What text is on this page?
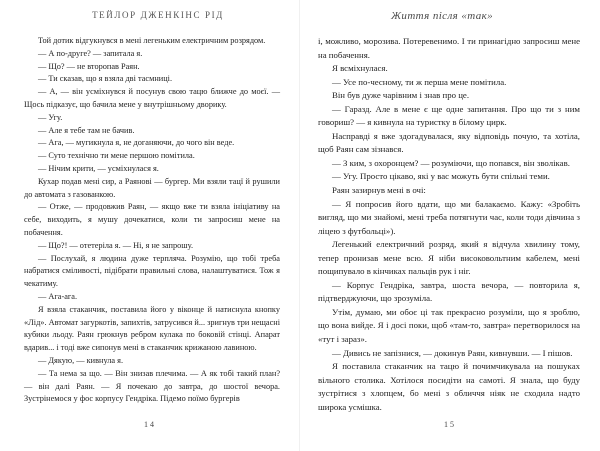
ТЕЙЛОР ДЖЕНКІНС РІД

Той дотик відгукнувся в мені легеньким електричним розрядом.

— А по-друге? — запитала я.

— Що? — не второпав Раян.

— Ти сказав, що я взяла дві тасмниці.

— А, — він усміхнувся й посунув свою тацю ближче до моєї. — Щось підказує, що бачила мене у внутрішньому дворику.

— Угу.

— Але я тебе там не бачив.

— Ага, — мугикнула я, не доганяючи, до чого він веде.

— Суто технічно ти мене першою помітила.

— Нічим крити, — усміхнулася я.

Кухар подав мені сир, а Раянові — бургер. Ми взяли тацї й рушили до автомата з газованкою.

— Отже, — продовжив Раян, — якщо вже ти взяла ініціативу на себе, виходить, я мушу дочекатися, коли ти запросиш мене на побачення.

— Що?! — отетеріла я. — Ні, я не запрошу.

— Послухай, я людина дуже терпляча. Розумію, що тобі треба набратися сміливості, підібрати правильні слова, налаштуватися. Тож я чекатиму.

— Ага-ага.

Я взяла стаканчик, поставила його у віконце й натиснула кнопку «Лід». Автомат загуркотів, запихтів, затрусився й... зригнув три нещасні кубики льоду. Раян грюкнув ребром кулака по боковій стінці. Апарат вдарив... і тоді вже сипонув мені в стаканчик крижаною лавиною.

— Дякую, — кивнула я.

— Та нема за що. — Він знизав плечима. — А як тобі такий план? — він далі Раян. — Я почекаю до завтра, до шостої вечора. Зустрінемося у фос корпусу Гендріка. Підемо поїмо бургерів

14
Життя після «так»

і, можливо, морозива. Потеревенимо. І ти принагідно запросиш мене на побачення.

Я всміхнулася.

— Усе по-чесному, ти ж перша мене помітила.

Він був дуже чарівним і знав про це.

— Гаразд. Але в мене є ще одне запитання. Про що ти з ним говориш? — я кивнула на туристку в білому цирк.

Насправді я вже здогадувалася, яку відповідь почую, та хотіла, щоб Раян сам зізнався.

— З ким, з охоронцем? — розуміючи, що попався, він зволікав.

— Угу. Просто цікаво, які у вас можуть бути спільні теми.

Раян зазирнув мені в очі:

— Я попросив його вдати, що ми балакаємо. Кажу: «Зробіть вигляд, що ми знайомі, мені треба потягнути час, коли тоди дівчина з ліцею з футбольці»).

Легенький електричний розряд, який я відчула хвилину тому, тепер пронизав мене всю. Я ніби високовольтним кабелем, мені пощипувало в кінчиках пальців рук і ніг.

— Корпус Гендріка, завтра, шоста вечора, — повторила я, підтверджуючи, що зрозуміла.

Утім, думаю, ми обоє ці так прекрасно розуміли, що я зроблю, що вона вийде. Я і досі поки, щоб «там-то, завтра» перетворилося на «тут і зараз».

— Дивись не запізнися, — докинув Раян, кивнувши. — І пішов.

Я поставила стаканчик на тацю й почимчикувала на пошуках вільного столика. Хотілося посидіти на самоті. Я знала, що буду зустрітися з хлопцем, бо мені з обличчя ніяк не сходила надто широка усмішка.

15
